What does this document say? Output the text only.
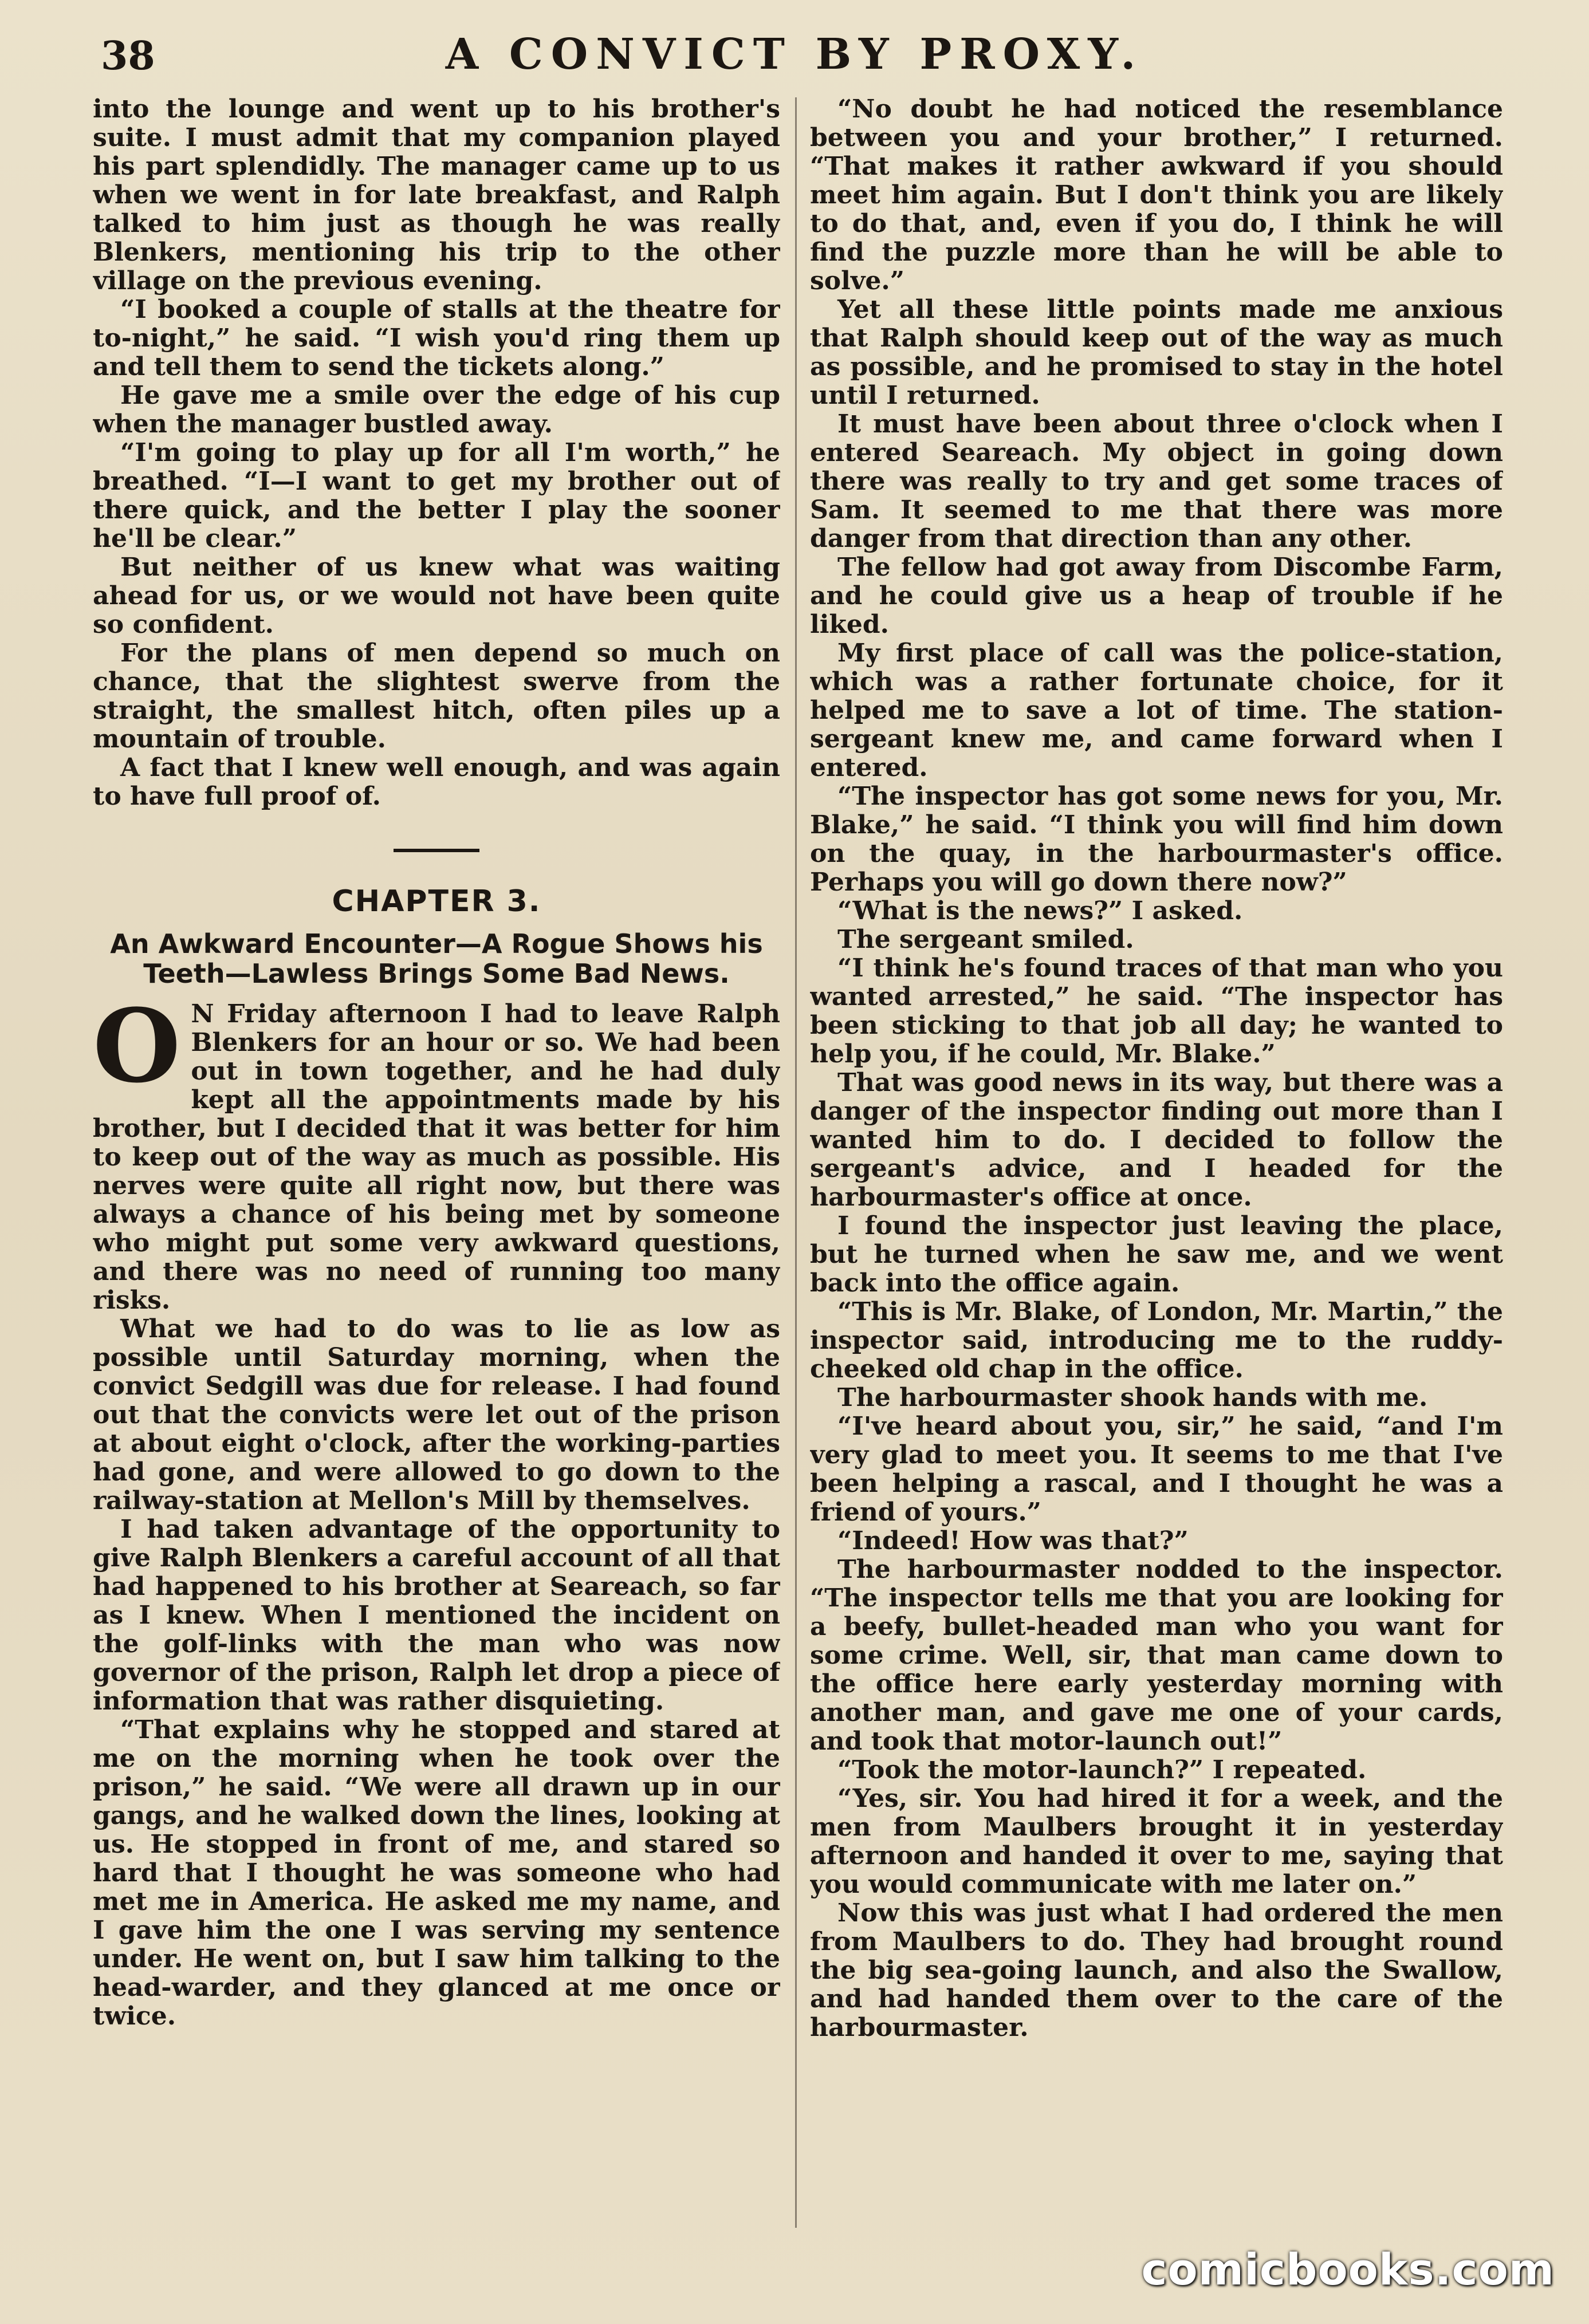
38	A CONVICT BY PROXY.

into the lounge and went up to his brother's suite. I must admit that my companion played his part splendidly. The manager came up to us when we went in for late breakfast, and Ralph talked to him just as though he was really Blenkers, mentioning his trip to the other village on the previous evening.

“I booked a couple of stalls at the theatre for to-night,” he said. “I wish you'd ring them up and tell them to send the tickets along.”

He gave me a smile over the edge of his cup when the manager bustled away.

“I'm going to play up for all I'm worth,” he breathed. “I—I want to get my brother out of there quick, and the better I play the sooner he'll be clear.”

But neither of us knew what was waiting ahead for us, or we would not have been quite so confident.

For the plans of men depend so much on chance, that the slightest swerve from the straight, the smallest hitch, often piles up a mountain of trouble.

A fact that I knew well enough, and was again to have full proof of.

CHAPTER 3.
An Awkward Encounter—A Rogue Shows his Teeth—Lawless Brings Some Bad News.

O N Friday afternoon I had to leave Ralph Blenkers for an hour or so. We had been out in town together, and he had duly kept all the appointments made by his brother, but I decided that it was better for him to keep out of the way as much as possible. His nerves were quite all right now, but there was always a chance of his being met by someone who might put some very awkward questions, and there was no need of running too many risks.

What we had to do was to lie as low as possible until Saturday morning, when the convict Sedgill was due for release. I had found out that the convicts were let out of the prison at about eight o'clock, after the working-parties had gone, and were allowed to go down to the railway-station at Mellon's Mill by themselves.

I had taken advantage of the opportunity to give Ralph Blenkers a careful account of all that had happened to his brother at Seareach, so far as I knew. When I mentioned the incident on the golf-links with the man who was now governor of the prison, Ralph let drop a piece of information that was rather disquieting.

“That explains why he stopped and stared at me on the morning when he took over the prison,” he said. “We were all drawn up in our gangs, and he walked down the lines, looking at us. He stopped in front of me, and stared so hard that I thought he was someone who had met me in America. He asked me my name, and I gave him the one I was serving my sentence under. He went on, but I saw him talking to the head-warder, and they glanced at me once or twice.

“No doubt he had noticed the resemblance between you and your brother,” I returned. “That makes it rather awkward if you should meet him again. But I don't think you are likely to do that, and, even if you do, I think he will find the puzzle more than he will be able to solve.”

Yet all these little points made me anxious that Ralph should keep out of the way as much as possible, and he promised to stay in the hotel until I returned.

It must have been about three o'clock when I entered Seareach. My object in going down there was really to try and get some traces of Sam. It seemed to me that there was more danger from that direction than any other.

The fellow had got away from Discombe Farm, and he could give us a heap of trouble if he liked.

My first place of call was the police-station, which was a rather fortunate choice, for it helped me to save a lot of time. The station-sergeant knew me, and came forward when I entered.

“The inspector has got some news for you, Mr. Blake,” he said. “I think you will find him down on the quay, in the harbourmaster's office. Perhaps you will go down there now?”

“What is the news?” I asked.

The sergeant smiled.

“I think he's found traces of that man who you wanted arrested,” he said. “The inspector has been sticking to that job all day; he wanted to help you, if he could, Mr. Blake.”

That was good news in its way, but there was a danger of the inspector finding out more than I wanted him to do. I decided to follow the sergeant's advice, and I headed for the harbourmaster's office at once.

I found the inspector just leaving the place, but he turned when he saw me, and we went back into the office again.

“This is Mr. Blake, of London, Mr. Martin,” the inspector said, introducing me to the ruddy-cheeked old chap in the office.

The harbourmaster shook hands with me.

“I've heard about you, sir,” he said, “and I'm very glad to meet you. It seems to me that I've been helping a rascal, and I thought he was a friend of yours.”

“Indeed! How was that?”

The harbourmaster nodded to the inspector. “The inspector tells me that you are looking for a beefy, bullet-headed man who you want for some crime. Well, sir, that man came down to the office here early yesterday morning with another man, and gave me one of your cards, and took that motor-launch out!”

“Took the motor-launch?” I repeated.

“Yes, sir. You had hired it for a week, and the men from Maulbers brought it in yesterday afternoon and handed it over to me, saying that you would communicate with me later on.”

Now this was just what I had ordered the men from Maulbers to do. They had brought round the big sea-going launch, and also the Swallow, and had handed them over to the care of the harbourmaster.

comicbooks.com
